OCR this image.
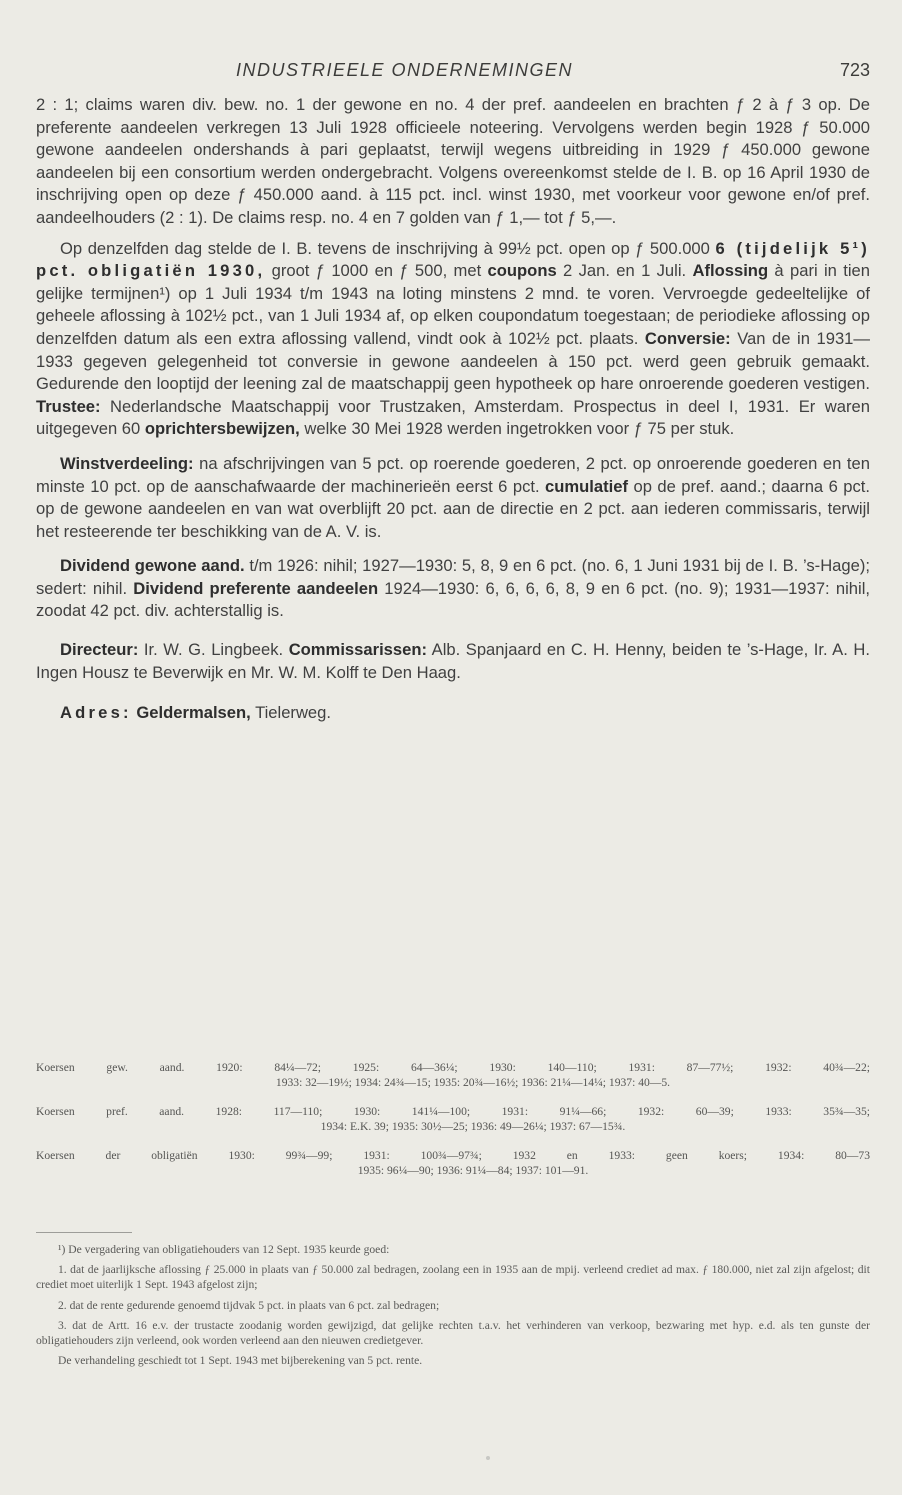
INDUSTRIEELE ONDERNEMINGEN	723

2 : 1; claims waren div. bew. no. 1 der gewone en no. 4 der pref. aandeelen en brachten ƒ 2 à ƒ 3 op. De preferente aandeelen verkregen 13 Juli 1928 officieele noteering. Vervolgens werden begin 1928 ƒ 50.000 gewone aandeelen ondershands à pari geplaatst, terwijl wegens uitbreiding in 1929 ƒ 450.000 gewone aandeelen bij een consortium werden ondergebracht. Volgens overeenkomst stelde de I. B. op 16 April 1930 de inschrijving open op deze ƒ 450.000 aand. à 115 pct. incl. winst 1930, met voorkeur voor gewone en/of pref. aandeelhouders (2 : 1). De claims resp. no. 4 en 7 golden van ƒ 1,— tot ƒ 5,—.

Op denzelfden dag stelde de I. B. tevens de inschrijving à 99½ pct. open op ƒ 500.000 6 (tijdelijk 5¹) pct. obligatiën 1930, groot ƒ 1000 en ƒ 500, met coupons 2 Jan. en 1 Juli. Aflossing à pari in tien gelijke termijnen¹) op 1 Juli 1934 t/m 1943 na loting minstens 2 mnd. te voren. Vervroegde gedeeltelijke of geheele aflossing à 102½ pct., van 1 Juli 1934 af, op elken coupondatum toegestaan; de periodieke aflossing op denzelfden datum als een extra aflossing vallend, vindt ook à 102½ pct. plaats. Conversie: Van de in 1931—1933 gegeven gelegenheid tot conversie in gewone aandeelen à 150 pct. werd geen gebruik gemaakt. Gedurende den looptijd der leening zal de maatschappij geen hypotheek op hare onroerende goederen vestigen. Trustee: Nederlandsche Maatschappij voor Trustzaken, Amsterdam. Prospectus in deel I, 1931. Er waren uitgegeven 60 oprichtersbewijzen, welke 30 Mei 1928 werden ingetrokken voor ƒ 75 per stuk.

Winstverdeeling: na afschrijvingen van 5 pct. op roerende goederen, 2 pct. op onroerende goederen en ten minste 10 pct. op de aanschafwaarde der machinerieën eerst 6 pct. cumulatief op de pref. aand.; daarna 6 pct. op de gewone aandeelen en van wat overblijft 20 pct. aan de directie en 2 pct. aan iederen commissaris, terwijl het resteerende ter beschikking van de A. V. is.

Dividend gewone aand. t/m 1926: nihil; 1927—1930: 5, 8, 9 en 6 pct. (no. 6, 1 Juni 1931 bij de I. B. ’s-Hage); sedert: nihil. Dividend preferente aandeelen 1924—1930: 6, 6, 6, 6, 8, 9 en 6 pct. (no. 9); 1931—1937: nihil, zoodat 42 pct. div. achterstallig is.

Directeur: Ir. W. G. Lingbeek. Commissarissen: Alb. Spanjaard en C. H. Henny, beiden te ’s-Hage, Ir. A. H. Ingen Housz te Beverwijk en Mr. W. M. Kolff te Den Haag.

Adres: Geldermalsen, Tielerweg.

Koersen gew. aand. 1920: 84¼—72; 1925: 64—36¼; 1930: 140—110; 1931: 87—77½; 1932: 40¾—22;
1933: 32—19½; 1934: 24¾—15; 1935: 20¾—16½; 1936: 21¼—14¼; 1937: 40—5.
Koersen pref. aand. 1928: 117—110; 1930: 141¼—100; 1931: 91¼—66; 1932: 60—39; 1933: 35¾—35;
1934: E.K. 39; 1935: 30½—25; 1936: 49—26¼; 1937: 67—15¾.
Koersen der obligatiën 1930: 99¾—99; 1931: 100¾—97¾; 1932 en 1933: geen koers; 1934: 80—73
1935: 96¼—90; 1936: 91¼—84; 1937: 101—91.

¹) De vergadering van obligatiehouders van 12 Sept. 1935 keurde goed:

1. dat de jaarlijksche aflossing ƒ 25.000 in plaats van ƒ 50.000 zal bedragen, zoolang een in 1935 aan de mpij. verleend crediet ad max. ƒ 180.000, niet zal zijn afgelost; dit crediet moet uiterlijk 1 Sept. 1943 afgelost zijn;

2. dat de rente gedurende genoemd tijdvak 5 pct. in plaats van 6 pct. zal bedragen;

3. dat de Artt. 16 e.v. der trustacte zoodanig worden gewijzigd, dat gelijke rechten t.a.v. het verhinderen van verkoop, bezwaring met hyp. e.d. als ten gunste der obligatiehouders zijn verleend, ook worden verleend aan den nieuwen credietgever.

De verhandeling geschiedt tot 1 Sept. 1943 met bijberekening van 5 pct. rente.
